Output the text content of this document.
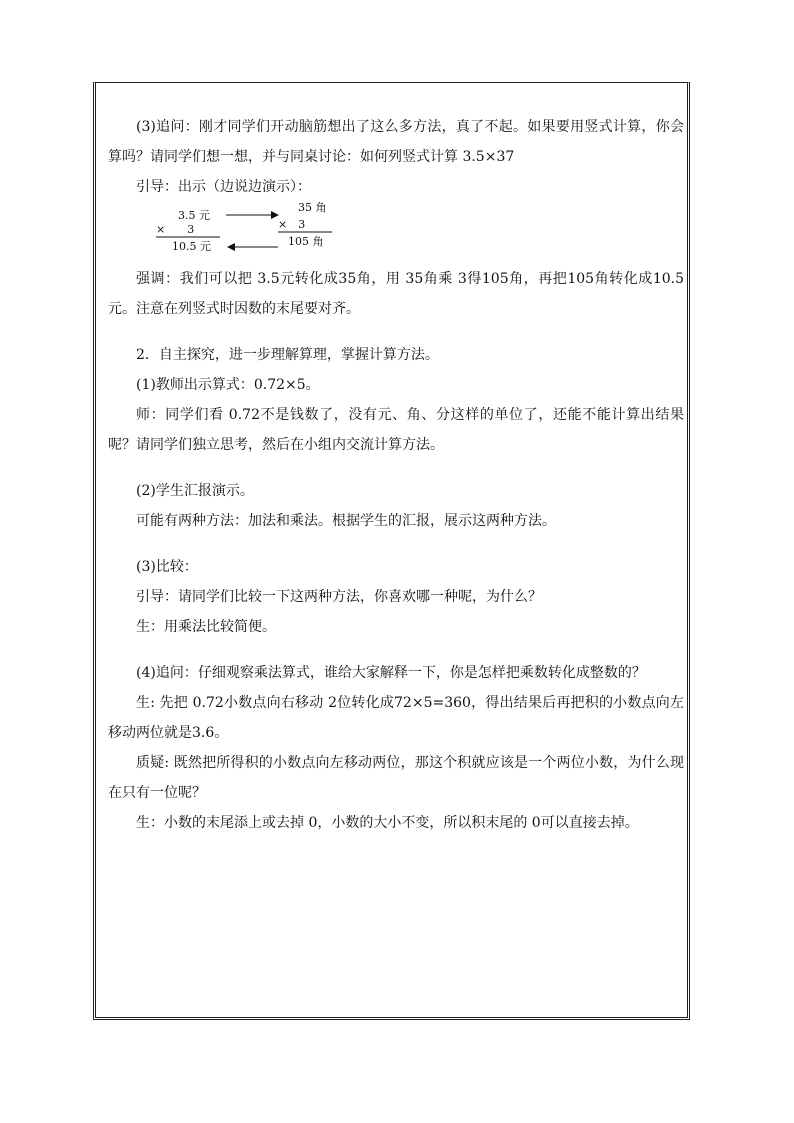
(3)追问：刚才同学们开动脑筋想出了这么多方法，真了不起。如果要用竖式计算，你会算吗？请同学们想一想，并与同桌讨论：如何列竖式计算 3.5×37

引导：出示（边说边演示）：

3.5 元
×　　3
10.5 元
35 角
×　3
105 角

强调：我们可以把 3.5元转化成35角，用 35角乘 3得105角，再把105角转化成10.5元。注意在列竖式时因数的末尾要对齐。

2．自主探究，进一步理解算理，掌握计算方法。

(1)教师出示算式：0.72×5。

师：同学们看 0.72不是钱数了，没有元、角、分这样的单位了，还能不能计算出结果呢？请同学们独立思考，然后在小组内交流计算方法。

(2)学生汇报演示。

可能有两种方法：加法和乘法。根据学生的汇报，展示这两种方法。

(3)比较：

引导：请同学们比较一下这两种方法，你喜欢哪一种呢，为什么？

生：用乘法比较简便。

(4)追问：仔细观察乘法算式，谁给大家解释一下，你是怎样把乘数转化成整数的？

生: 先把 0.72小数点向右移动 2位转化成72×5=360，得出结果后再把积的小数点向左移动两位就是3.6。

质疑: 既然把所得积的小数点向左移动两位，那这个积就应该是一个两位小数，为什么现在只有一位呢？

生：小数的末尾添上或去掉 0，小数的大小不变，所以积末尾的 0可以直接去掉。
